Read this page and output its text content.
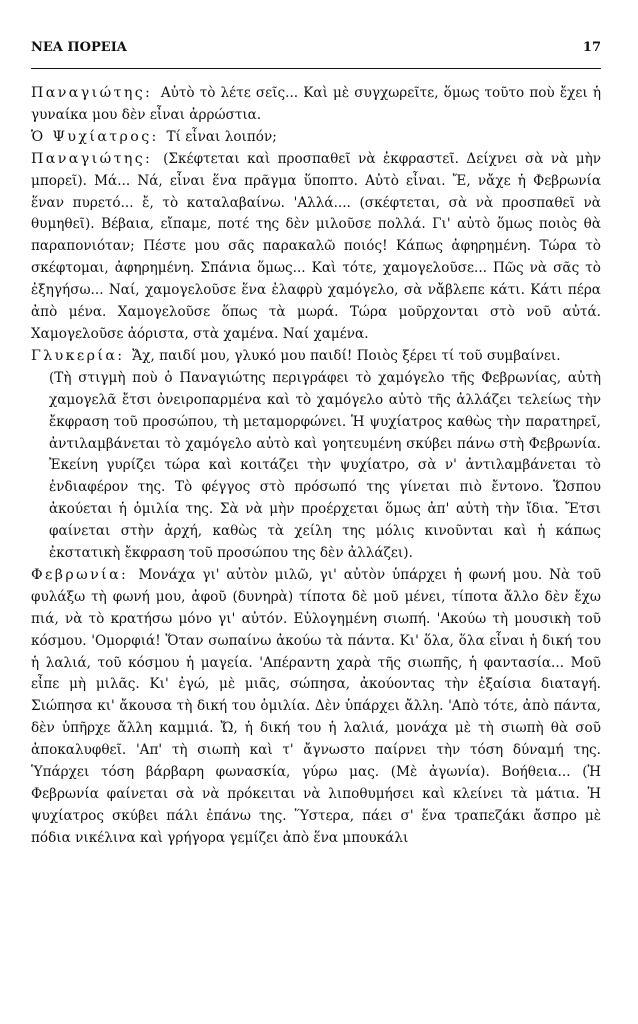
ΝΕΑ ΠΟΡΕΙΑ	17

Παναγιώτης: Αὐτὸ τὸ λέτε σεῖς... Καὶ μὲ συγχωρεῖτε, ὅμως τοῦτο ποὺ ἔχει ἡ γυναίκα μου δὲν εἶναι ἀρρώστια.

Ὁ Ψυχίατρος: Τί εἶναι λοιπόν;

Παναγιώτης: (Σκέφτεται καὶ προσπαθεῖ νὰ ἐκφραστεῖ. Δείχνει σὰ νὰ μὴν μπορεῖ). Μά... Νά, εἶναι ἕνα πρᾶγμα ὕποπτο. Αὐτὸ εἶναι. Ἔ, νἄχε ἡ Φεβρωνία ἕναν πυρετό... ἔ, τὸ καταλαβαίνω. 'Αλλά.... (σκέφτεται, σὰ νὰ προσπαθεῖ νὰ θυμηθεῖ). Βέβαια, εἴπαμε, ποτέ της δὲν μιλοῦσε πολλά. Γι' αὐτὸ ὅμως ποιὸς θὰ παραπονιόταν; Πέστε μου σᾶς παρακαλῶ ποιός! Κάπως ἀφηρημένη. Τώρα τὸ σκέφτομαι, ἀφηρημένη. Σπάνια ὅμως... Καὶ τότε, χαμογελοῦσε... Πῶς νὰ σᾶς τὸ ἐξηγήσω... Ναί, χαμογελοῦσε ἕνα ἐλαφρὺ χαμόγελο, σὰ νἄβλεπε κάτι. Κάτι πέρα ἀπὸ μένα. Χαμογελοῦσε ὅπως τὰ μωρά. Τώρα μοῦρχονται στὸ νοῦ αὐτά. Χαμογελοῦσε ἀόριστα, στὰ χαμένα. Ναί χαμένα.

Γλυκερία: Ἄχ, παιδί μου, γλυκό μου παιδί! Ποιὸς ξέρει τί τοῦ συμβαίνει.

(Τὴ στιγμὴ ποὺ ὁ Παναγιώτης περιγράφει τὸ χαμόγελο τῆς Φεβρωνίας, αὐτὴ χαμογελᾶ ἔτσι ὀνειροπαρμένα καὶ τὸ χαμόγελο αὐτὸ τῆς ἀλλάζει τελείως τὴν ἔκφραση τοῦ προσώπου, τὴ μεταμορφώνει. Ἡ ψυχίατρος καθὼς τὴν παρατηρεῖ, ἀντιλαμβάνεται τὸ χαμόγελο αὐτὸ καὶ γοητευμένη σκύβει πάνω στὴ Φεβρωνία. Ἐκείνη γυρίζει τώρα καὶ κοιτάζει τὴν ψυχίατρο, σὰ ν' ἀντιλαμβάνεται τὸ ἐνδιαφέρον της. Τὸ φέγγος στὸ πρόσωπό της γίνεται πιὸ ἔντονο. Ὥσπου ἀκούεται ἡ ὁμιλία της. Σὰ νὰ μὴν προέρχεται ὅμως ἀπ' αὐτὴ τὴν ἴδια. Ἔτσι φαίνεται στὴν ἀρχή, καθὼς τὰ χείλη της μόλις κινοῦνται καὶ ἡ κάπως ἐκστατικὴ ἔκφραση τοῦ προσώπου της δὲν ἀλλάζει).

Φεβρωνία: Μονάχα γι' αὐτὸν μιλῶ, γι' αὐτὸν ὑπάρχει ἡ φωνή μου. Νὰ τοῦ φυλάξω τὴ φωνή μου, ἀφοῦ (δυνηρὰ) τίποτα δὲ μοῦ μένει, τίποτα ἄλλο δὲν ἔχω πιά, νὰ τὸ κρατήσω μόνο γι' αὐτόν. Εὐλογημένη σιωπή. 'Ακούω τὴ μουσικὴ τοῦ κόσμου. 'Ομορφιά! Ὅταν σωπαίνω ἀκούω τὰ πάντα. Κι' ὅλα, ὅλα εἶναι ἡ δική του ἡ λαλιά, τοῦ κόσμου ἡ μαγεία. 'Απέραντη χαρὰ τῆς σιωπῆς, ἡ φαντασία... Μοῦ εἶπε μὴ μιλᾶς. Κι' ἐγώ, μὲ μιᾶς, σώπησα, ἀκούοντας τὴν ἐξαίσια διαταγή. Σιώπησα κι' ἄκουσα τὴ δική του ὁμιλία. Δὲν ὑπάρχει ἄλλη. 'Απὸ τότε, ἀπὸ πάντα, δὲν ὑπῆρχε ἄλλη καμμιά. Ὤ, ἡ δική του ἡ λαλιά, μονάχα μὲ τὴ σιωπὴ θὰ σοῦ ἀποκαλυφθεῖ. 'Απ' τὴ σιωπὴ καὶ τ' ἄγνωστο παίρνει τὴν τόση δύναμή της. Ὑπάρχει τόση βάρβαρη φωνασκία, γύρω μας. (Μὲ ἀγωνία). Βοήθεια... (Ἡ Φεβρωνία φαίνεται σὰ νὰ πρόκειται νὰ λιποθυμήσει καὶ κλείνει τὰ μάτια. Ἡ ψυχίατρος σκύβει πάλι ἐπάνω της. Ὕστερα, πάει σ' ἕνα τραπεζάκι ἄσπρο μὲ πόδια νικέλινα καὶ γρήγορα γεμίζει ἀπὸ ἕνα μπουκάλι
